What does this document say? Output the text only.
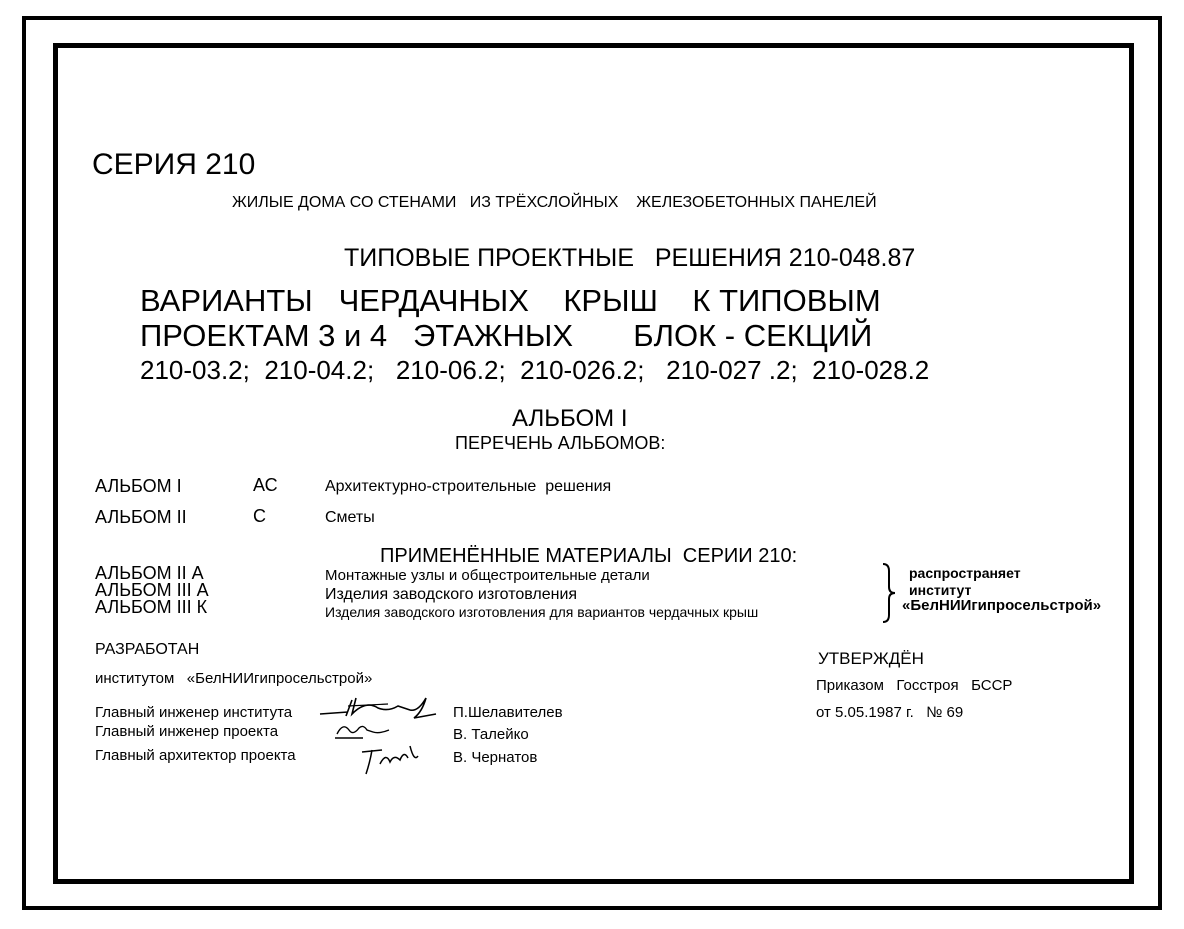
СЕРИЯ 210
ЖИЛЫЕ ДОМА СО СТЕНАМИ   ИЗ ТРЁХСЛОЙНЫХ    ЖЕЛЕЗОБЕТОННЫХ ПАНЕЛЕЙ
ТИПОВЫЕ ПРОЕКТНЫЕ   РЕШЕНИЯ 210-048.87
ВАРИАНТЫ   ЧЕРДАЧНЫХ    КРЫШ    К ТИПОВЫМ
ПРОЕКТАМ 3 и 4   ЭТАЖНЫХ       БЛОК - СЕКЦИЙ
210-03.2;  210-04.2;   210-06.2;  210-026.2;   210-027 .2;  210-028.2
АЛЬБОМ I
ПЕРЕЧЕНЬ АЛЬБОМОВ:
АЛЬБОМ I	АС	Архитектурно-строительные  решения
АЛЬБОМ II	С	Сметы
ПРИМЕНЁННЫЕ МАТЕРИАЛЫ  СЕРИИ 210:
АЛЬБОМ II А	Монтажные узлы и общестроительные детали
АЛЬБОМ III А	Изделия заводского изготовления
АЛЬБОМ III К	Изделия заводского изготовления для вариантов чердачных крыш
распространяет
институт
«БелНИИгипросельстрой»
РАЗРАБОТАН
институтом   «БелНИИгипросельстрой»
Главный инженер института	П.Шелавителев
Главный инженер проекта	В. Талейко
Главный архитектор проекта	В. Чернатов
УТВЕРЖДЁН
Приказом   Госстроя   БССР
от 5.05.1987 г.   № 69
